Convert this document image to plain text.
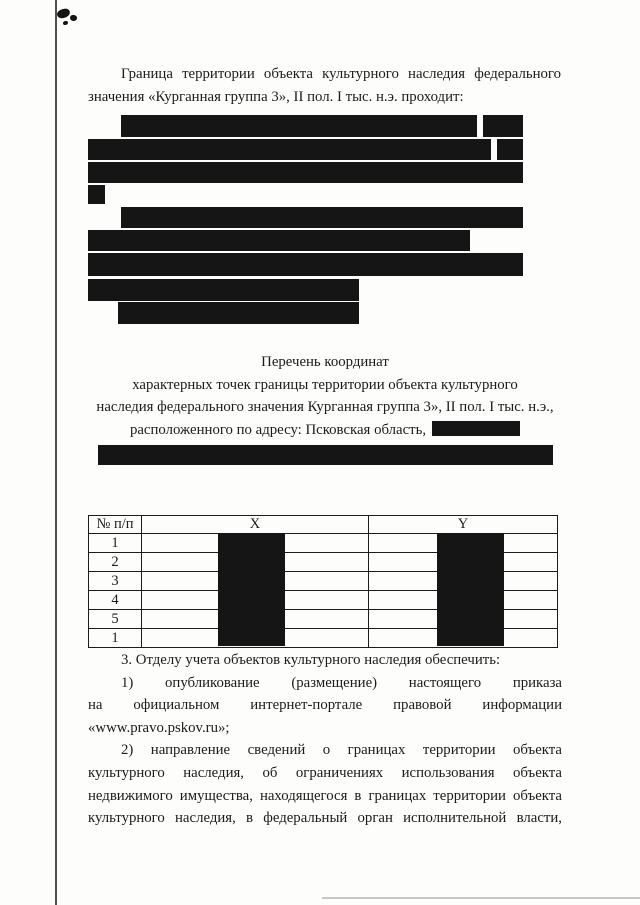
Граница территории объекта культурного наследия федерального
значения «Курганная группа 3», II пол. I тыс. н.э. проходит:
Перечень координат
характерных точек границы территории объекта культурного
наследия федерального значения Курганная группа 3», II пол. I тыс. н.э.,
расположенного по адресу: Псковская область,
№ п/п	X	Y
1		
2		
3		
4		
5		
1		
3. Отделу учета объектов культурного наследия обеспечить:
1) опубликование (размещение) настоящего приказа
на официальном интернет-портале правовой информации
«www.pravo.pskov.ru»;
2) направление сведений о границах территории объекта
культурного наследия, об ограничениях использования объекта
недвижимого имущества, находящегося в границах территории объекта
культурного наследия, в федеральный орган исполнительной власти,
